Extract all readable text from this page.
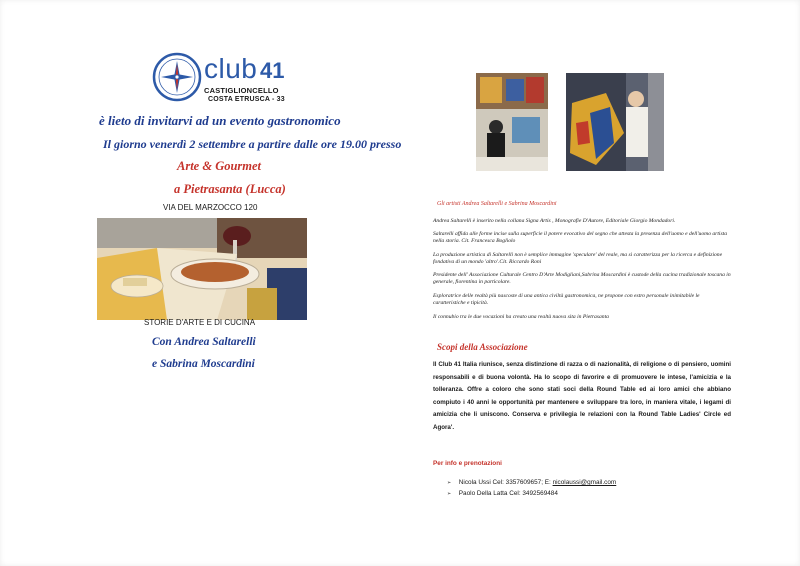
club 41
CASTIGLIONCELLO
COSTA ETRUSCA - 33
è lieto di invitarvi ad un evento gastronomico
Il giorno venerdì 2 settembre a partire dalle ore 19.00 presso
Arte & Gourmet
a Pietrasanta (Lucca)
VIA DEL MARZOCCO 120
STORIE D'ARTE E DI CUCINA
Con Andrea Saltarelli
e Sabrina Moscardini
Gli artisti Andrea Saltarelli e Sabrina Moscardini
Andrea Saltarelli è inserito nella collana Signa Artis , Monografie D'Autore, Editoriale Giorgio Mondadori.
Saltarelli affida alle forme incise sulla superficie il potere evocativo del segno che attesta la presenza dell'uomo e dell'uomo artista nella storia. Cit. Francesca Bogliolo
La produzione artistica di Saltarelli non è semplice immagine 'speculare' del reale, ma si caratterizza per la ricerca e definizione fondativa di un mondo 'altro'.Cit. Riccardo Roni
Presidente dell' Associazione Culturale Centro D'Arte Modigliani,Sabrina Moscardini è custode della cucina tradizionale toscana in generale, fiorentina in particolare.
Esploratrice delle realtà più nascoste di una antica civiltà gastronomica, ne propone con estro personale inimitabile le caratteristiche e tipicità.
Il connubio tra le due vocazioni ha creato una realtà nuova sita in Pietrasanta
Scopi della Associazione
Il Club 41 Italia riunisce, senza distinzione di razza o di nazionalità, di religione o di pensiero, uomini responsabili e di buona volontà. Ha lo scopo di favorire e di promuovere le intese, l'amicizia e la tolleranza. Offre a coloro che sono stati soci della Round Table ed ai loro amici che abbiano compiuto i 40 anni le opportunità per mantenere e sviluppare tra loro, in maniera vitale, i legami di amicizia che li uniscono. Conserva e privilegia le relazioni con la Round Table Ladies' Circle ed Agora'.
Per info e prenotazioni
➢ Nicola Ussi Cel: 3357609657; E: nicolaussi@gmail.com
➢ Paolo Della Latta Cel: 3492569484
